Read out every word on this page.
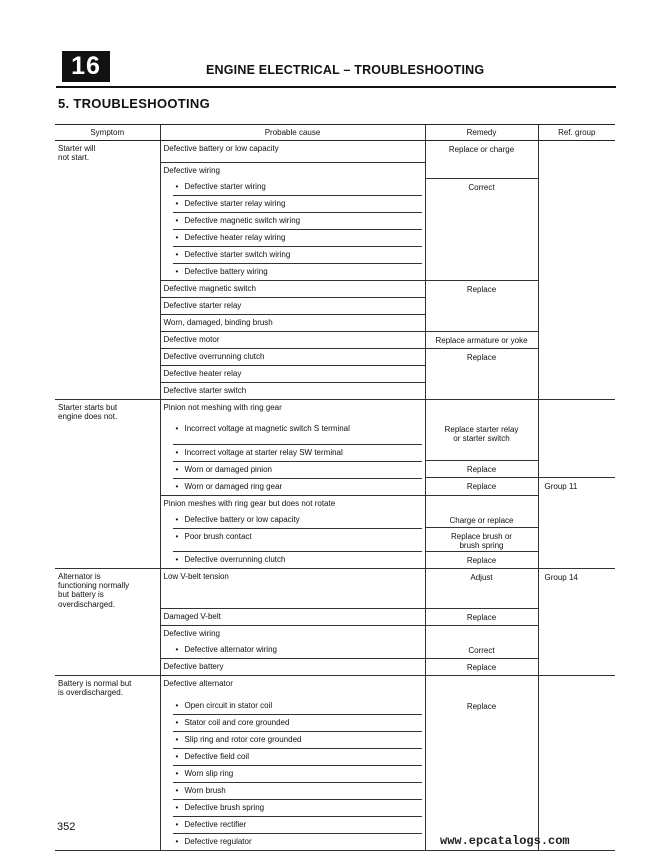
16	ENGINE ELECTRICAL – TROUBLESHOOTING
5. TROUBLESHOOTING
Symptom	Probable cause	Remedy	Ref. group
Starter will
not start.	Defective battery or low capacity	Replace or charge	

	Defective wiring		

	• Defective starter wiring	Correct	

	• Defective starter relay wiring		

	• Defective magnetic switch wiring		

	• Defective heater relay wiring		

	• Defective starter switch wiring		

	• Defective battery wiring		

	Defective magnetic switch	Replace	

	Defective starter relay		

	Worn, damaged, binding brush		

	Defective motor	Replace armature or yoke	

	Defective overrunning clutch	Replace	

	Defective heater relay		

	Defective starter switch		

Starter starts but
engine does not.	Pinion not meshing with ring gear		

	• Incorrect voltage at magnetic switch S terminal	Replace starter relay
or starter switch	

	• Incorrect voltage at starter relay SW terminal		

	• Worn or damaged pinion	Replace	

	• Worn or damaged ring gear	Replace	Group 11

	Pinion meshes with ring gear but does not rotate		

	• Defective battery or low capacity	Charge or replace	

	• Poor brush contact	Replace brush or
brush spring	

	• Defective overrunning clutch	Replace	
Alternator is
functioning normally
but battery is
overdischarged.	Low V-belt tension	Adjust	Group 14

	Damaged V-belt	Replace	

	Defective wiring		

	• Defective alternator wiring	Correct	

	Defective battery	Replace	
Battery is normal but
is overdischarged.	Defective alternator		

	• Open circuit in stator coil	Replace	

	• Stator coil and core grounded		

	• Slip ring and rotor core grounded		

	• Defective field coil		

	• Worn slip ring		

	• Worn brush		

	• Defective brush spring		

	• Defective rectifier		

	• Defective regulator		

352
www.epcatalogs.com
